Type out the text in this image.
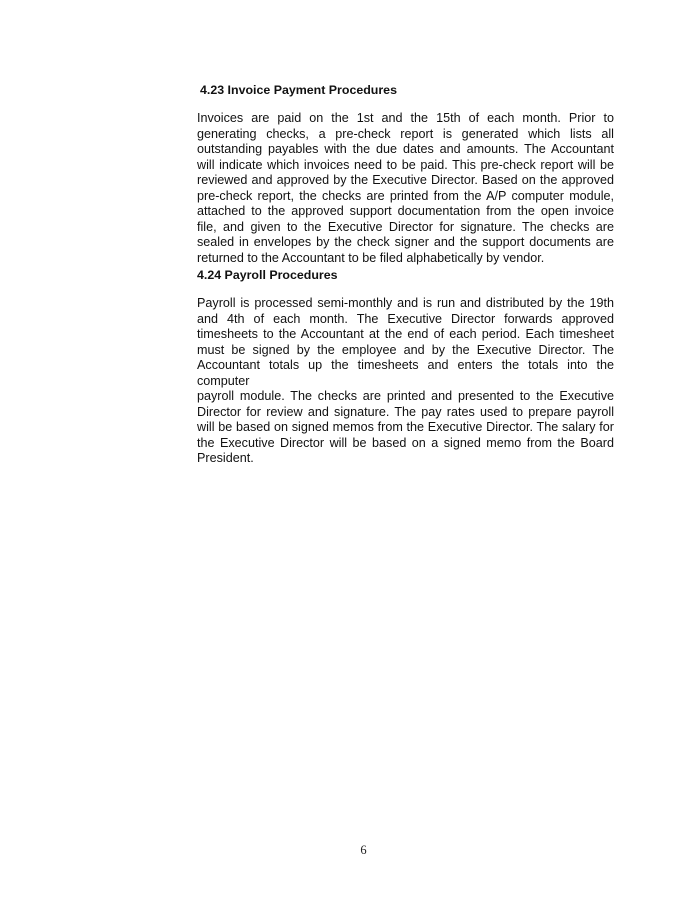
4.23 Invoice Payment Procedures
Invoices are paid on the 1st and the 15th of each month. Prior to
generating checks, a pre-check report is generated which lists all
outstanding payables with the due dates and amounts. The Accountant
will indicate which invoices need to be paid. This pre-check report will be
reviewed and approved by the Executive Director. Based on the approved
pre-check report, the checks are printed from the A/P computer module,
attached to the approved support documentation from the open invoice
file, and given to the Executive Director for signature. The checks are
sealed in envelopes by the check signer and the support documents are
returned to the Accountant to be filed alphabetically by vendor.
4.24 Payroll Procedures
Payroll is processed semi-monthly and is run and distributed by the 19th
and 4th of each month. The Executive Director forwards approved
timesheets to the Accountant at the end of each period. Each timesheet
must be signed by the employee and by the Executive Director. The
Accountant totals up the timesheets and enters the totals into the computer
payroll module. The checks are printed and presented to the Executive
Director for review and signature. The pay rates used to prepare payroll
will be based on signed memos from the Executive Director. The salary for
the Executive Director will be based on a signed memo from the Board
President.
6
